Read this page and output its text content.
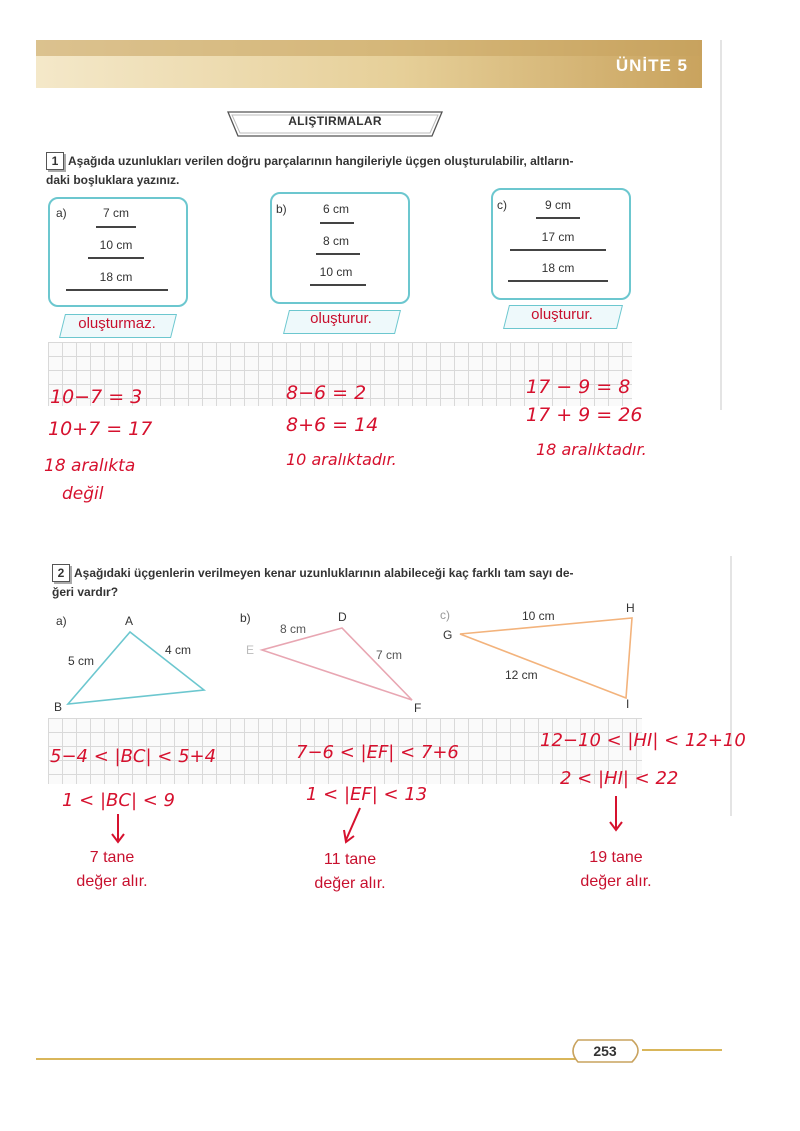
ÜNİTE 5
ALIŞTIRMALAR
1 Aşağıda uzunlukları verilen doğru parçalarının hangileriyle üçgen oluşturulabilir, altların-
daki boşluklara yazınız.
a)	7 cm
10 cm
18 cm
b)	6 cm
8 cm
10 cm
c)	9 cm
17 cm
18 cm
oluşturmaz.	oluşturur.	oluşturur.
10−7 = 3
10+7 = 17
18 aralıkta
değil
8−6 = 2
8+6 = 14
10 aralıktadır.
17 − 9 = 8
17 + 9 = 26
18 aralıktadır.
2 Aşağıdaki üçgenlerin verilmeyen kenar uzunluklarının alabileceği kaç farklı tam sayı de-
ğeri vardır?
a)	A
B
5 cm
4 cm
b)	D
E
F
8 cm
7 cm
c)	H
G
I
10 cm
12 cm
5−4 < |BC| < 5+4
1 < |BC| < 9
7−6 < |EF| < 7+6
1 < |EF| < 13
12−10 < |HI| < 12+10
2 < |HI| < 22
7 tane
değer alır.
11 tane
değer alır.
19 tane
değer alır.
253
